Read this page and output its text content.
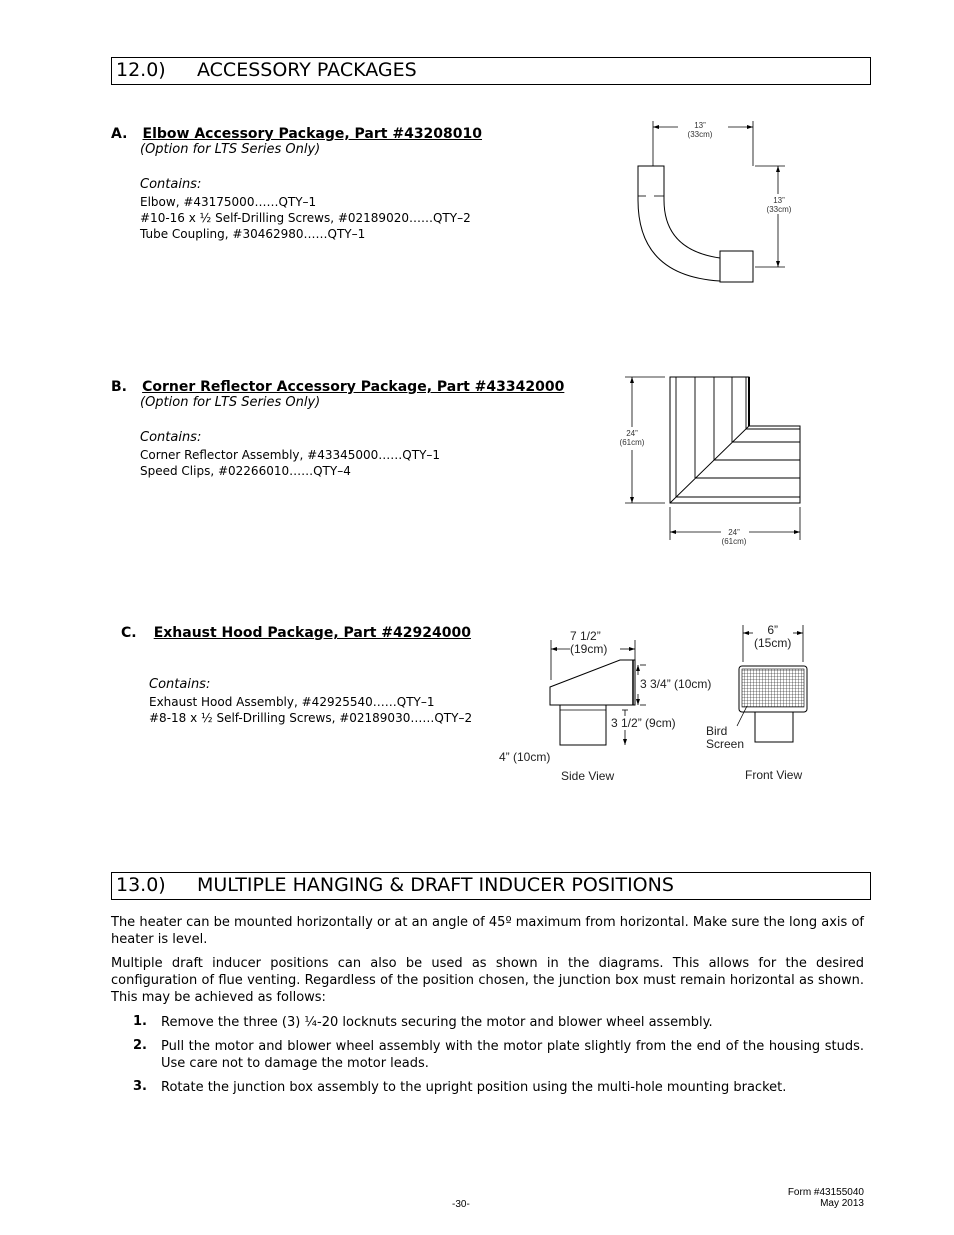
12.0) ACCESSORY PACKAGES
A. Elbow Accessory Package, Part #43208010
(Option for LTS Series Only)
Contains:
Elbow, #43175000……QTY–1
#10-16 x ½ Self-Drilling Screws, #02189020……QTY–2
Tube Coupling, #30462980……QTY–1
13”
(33cm)
13”
(33cm)
B. Corner Reflector Accessory Package, Part #43342000
(Option for LTS Series Only)
Contains:
Corner Reflector Assembly, #43345000……QTY–1
Speed Clips, #02266010……QTY–4
24”
(61cm)
24”
(61cm)
C. Exhaust Hood Package, Part #42924000
Contains:
Exhaust Hood Assembly, #42925540……QTY–1
#8-18 x ½ Self-Drilling Screws, #02189030……QTY–2
7 1/2”
(19cm)
3 3/4” (10cm)
3 1/2” (9cm)
4” (10cm)
Side View
6”
(15cm)
Bird
Screen
Front View
13.0) MULTIPLE HANGING & DRAFT INDUCER POSITIONS
The heater can be mounted horizontally or at an angle of 45º maximum from horizontal. Make sure the long axis of heater is level.
Multiple draft inducer positions can also be used as shown in the diagrams. This allows for the desired configuration of flue venting. Regardless of the position chosen, the junction box must remain horizontal as shown. This may be achieved as follows:
1.	Remove the three (3) ¼-20 locknuts securing the motor and blower wheel assembly.
2.	Pull the motor and blower wheel assembly with the motor plate slightly from the end of the housing studs. Use care not to damage the motor leads.
3.	Rotate the junction box assembly to the upright position using the multi-hole mounting bracket.
-30-
Form #43155040
May 2013
